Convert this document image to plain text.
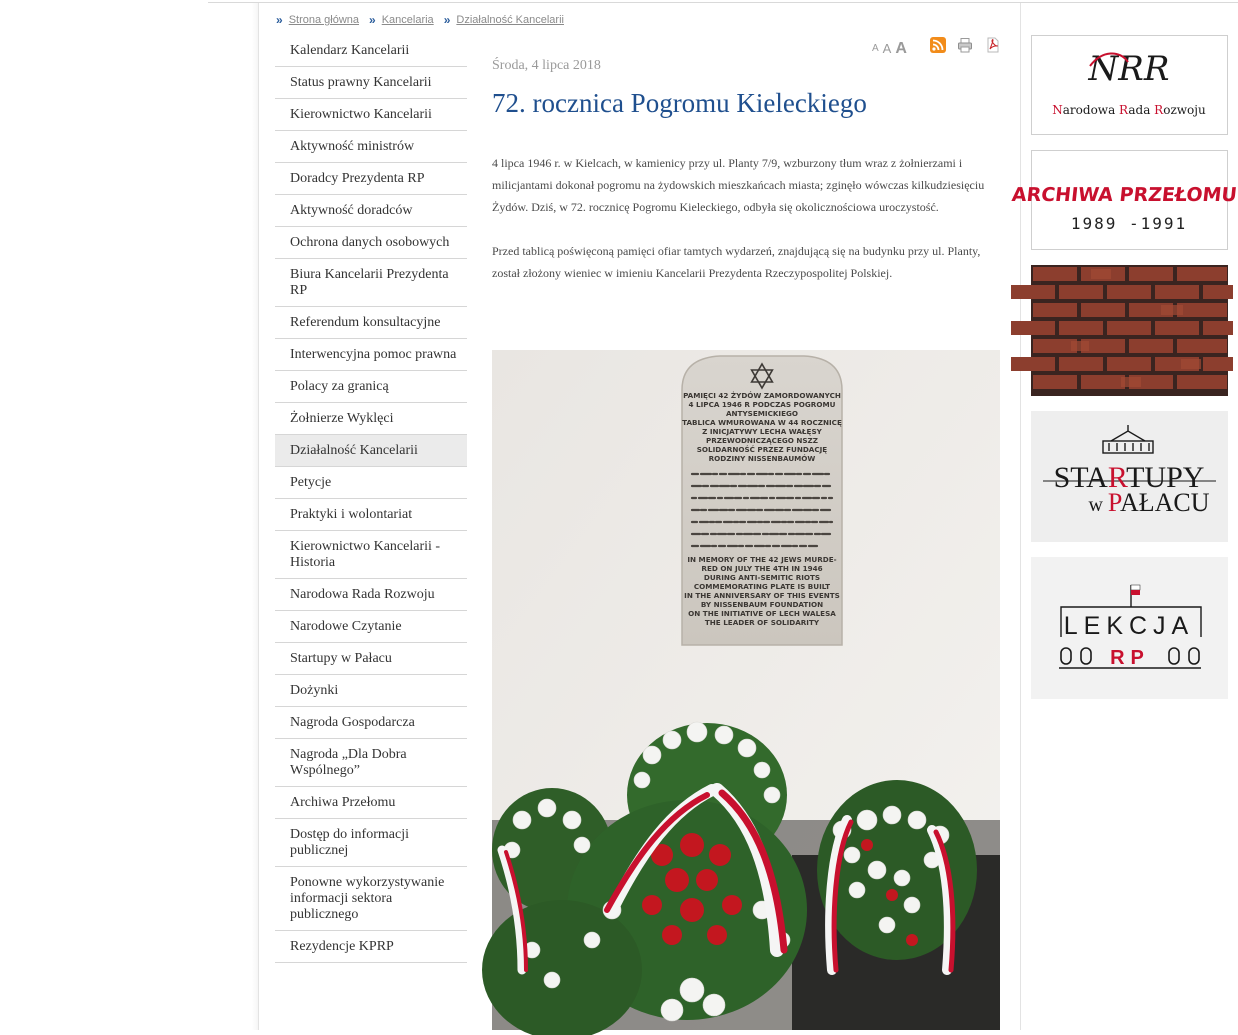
» Strona główna » Kancelaria » Działalność Kancelarii
Kalendarz Kancelarii
Status prawny Kancelarii
Kierownictwo Kancelarii
Aktywność ministrów
Doradcy Prezydenta RP
Aktywność doradców
Ochrona danych osobowych
Biura Kancelarii Prezydenta RP
Referendum konsultacyjne
Interwencyjna pomoc prawna
Polacy za granicą
Żołnierze Wyklęci
Działalność Kancelarii
Petycje
Praktyki i wolontariat
Kierownictwo Kancelarii - Historia
Narodowa Rada Rozwoju
Narodowe Czytanie
Startupy w Pałacu
Dożynki
Nagroda Gospodarcza
Nagroda „Dla Dobra Wspólnego”
Archiwa Przełomu
Dostęp do informacji publicznej
Ponowne wykorzystywanie informacji sektora publicznego
Rezydencje KPRP
A A A
Środa, 4 lipca 2018
72. rocznica Pogromu Kieleckiego

4 lipca 1946 r. w Kielcach, w kamienicy przy ul. Planty 7/9, wzburzony tłum wraz z żołnierzami i milicjantami dokonał pogromu na żydowskich mieszkańcach miasta; zginęło wówczas kilkudziesięciu Żydów. Dziś, w 72. rocznicę Pogromu Kieleckiego, odbyła się okolicznościowa uroczystość.

Przed tablicą poświęconą pamięci ofiar tamtych wydarzeń, znajdującą się na budynku przy ul. Planty, został złożony wieniec w imieniu Kancelarii Prezydenta Rzeczypospolitej Polskiej.

PAMIĘCI 42 ŻYDÓW ZAMORDOWANYCH
4 LIPCA 1946 R PODCZAS POGROMU
ANTYSEMICKIEGO
TABLICA WMUROWANA W 44 ROCZNICĘ
Z INICJATYWY LECHA WAŁĘSY
PRZEWODNICZĄCEGO NSZZ
SOLIDARNOŚĆ PRZEZ FUNDACJĘ
RODZINY NISSENBAUMÓW
IN MEMORY OF THE 42 JEWS MURDE-
RED ON JULY THE 4TH IN 1946
DURING ANTI-SEMITIC RIOTS
COMMEMORATING PLATE IS BUILT
IN THE ANNIVERSARY OF THIS EVENTS
BY NISSENBAUM FOUNDATION
ON THE INITIATIVE OF LECH WALESA
THE LEADER OF SOLIDARITY
NRR
Narodowa Rada Rozwoju
ARCHIWA PRZEŁOMU
1989 -1991
STARTUPY
w PAŁACU
LEKCJA
RP
